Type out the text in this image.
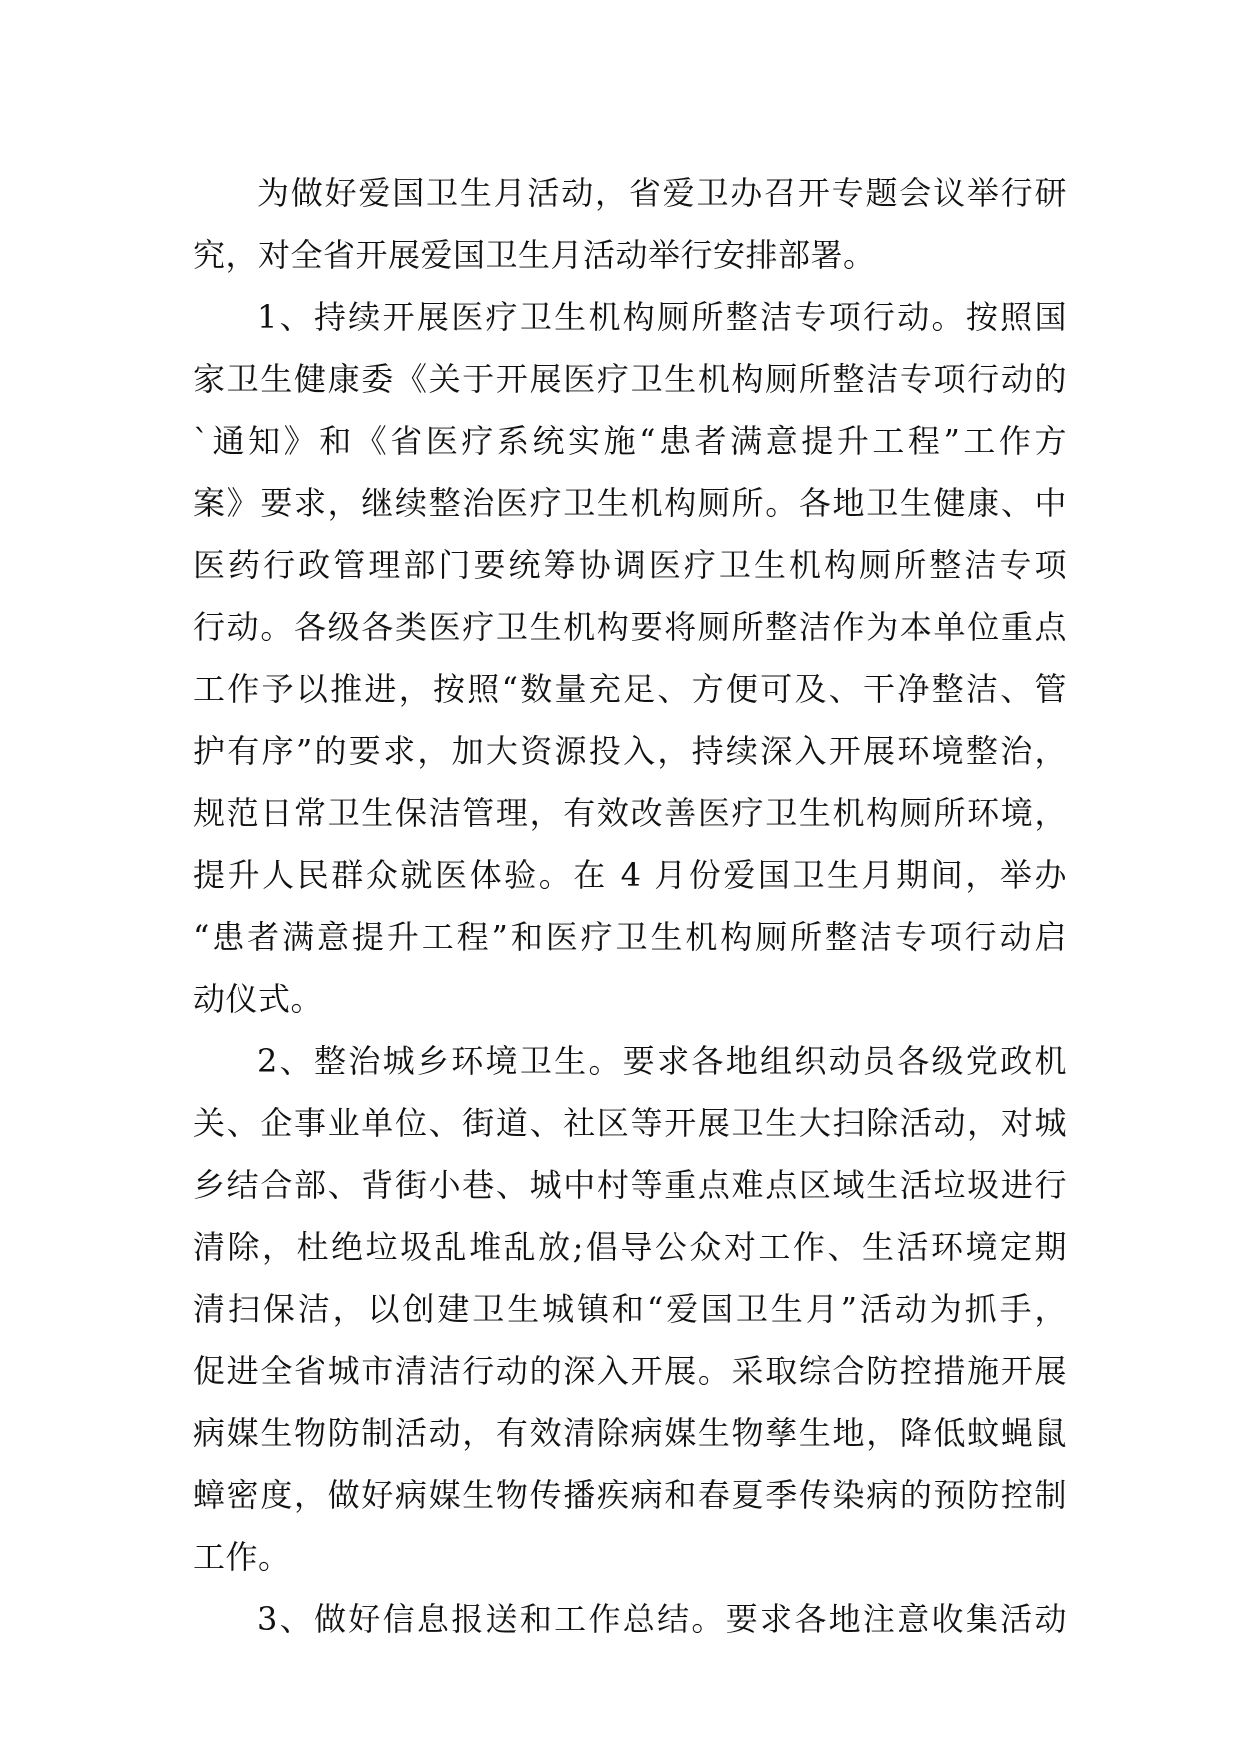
为做好爱国卫生月活动，省爱卫办召开专题会议举行研
究，对全省开展爱国卫生月活动举行安排部署。
1、持续开展医疗卫生机构厕所整洁专项行动。按照国
家卫生健康委《关于开展医疗卫生机构厕所整洁专项行动的
`通知》和《省医疗系统实施“患者满意提升工程”工作方
案》要求，继续整治医疗卫生机构厕所。各地卫生健康、中
医药行政管理部门要统筹协调医疗卫生机构厕所整洁专项
行动。各级各类医疗卫生机构要将厕所整洁作为本单位重点
工作予以推进，按照“数量充足、方便可及、干净整洁、管
护有序”的要求，加大资源投入，持续深入开展环境整治，
规范日常卫生保洁管理，有效改善医疗卫生机构厕所环境，
提升人民群众就医体验。在 4 月份爱国卫生月期间，举办
“患者满意提升工程”和医疗卫生机构厕所整洁专项行动启
动仪式。
2、整治城乡环境卫生。要求各地组织动员各级党政机
关、企事业单位、街道、社区等开展卫生大扫除活动，对城
乡结合部、背街小巷、城中村等重点难点区域生活垃圾进行
清除，杜绝垃圾乱堆乱放;倡导公众对工作、生活环境定期
清扫保洁，以创建卫生城镇和“爱国卫生月”活动为抓手，
促进全省城市清洁行动的深入开展。采取综合防控措施开展
病媒生物防制活动，有效清除病媒生物孳生地，降低蚊蝇鼠
蟑密度，做好病媒生物传播疾病和春夏季传染病的预防控制
工作。
3、做好信息报送和工作总结。要求各地注意收集活动
